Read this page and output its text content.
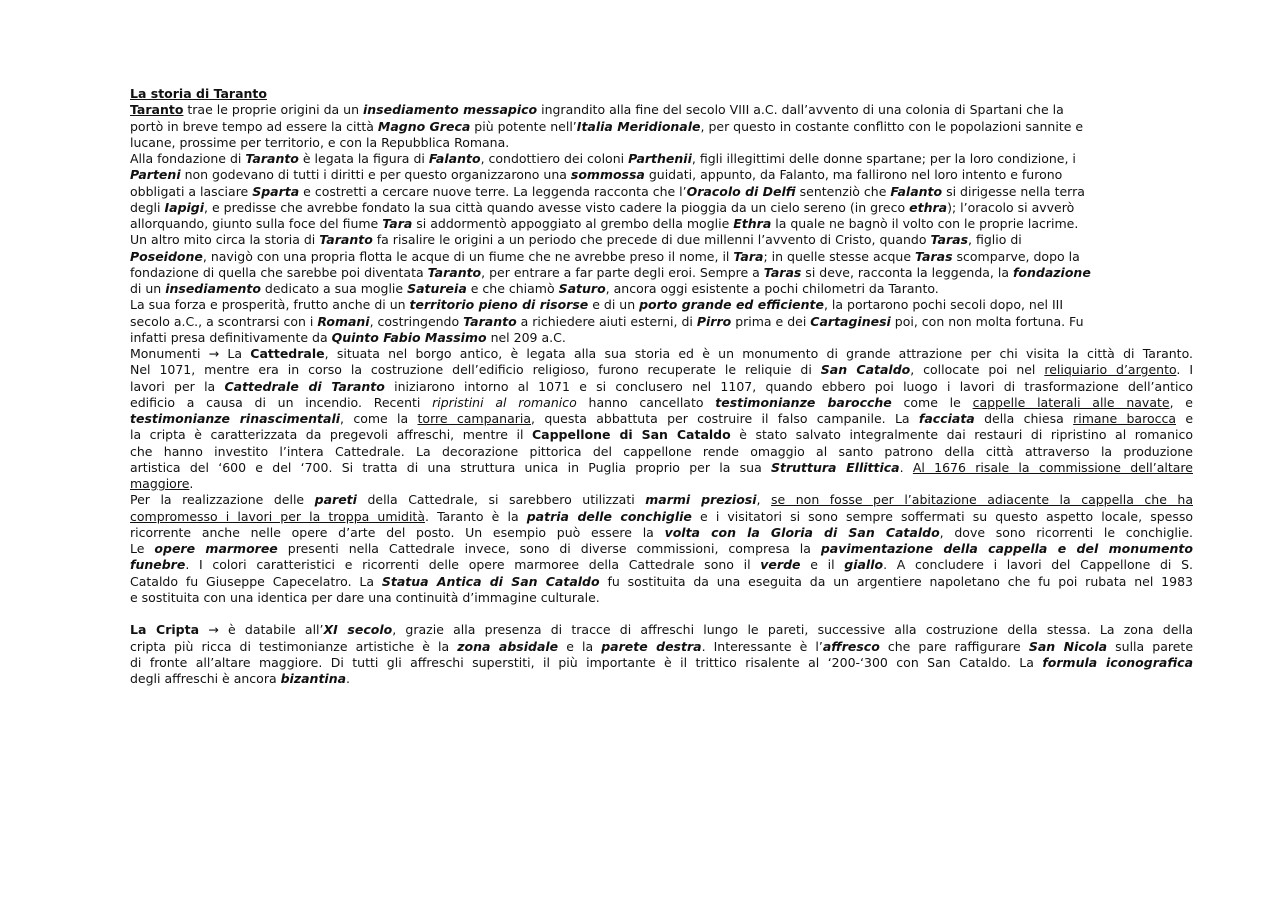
La storia di Taranto
Taranto trae le proprie origini da un insediamento messapico ingrandito alla fine del secolo VIII a.C. dall’avvento di una colonia di Spartani che la
portò in breve tempo ad essere la città Magno Greca più potente nell’Italia Meridionale, per questo in costante conflitto con le popolazioni sannite e
lucane, prossime per territorio, e con la Repubblica Romana.
Alla fondazione di Taranto è legata la figura di Falanto, condottiero dei coloni Parthenii, figli illegittimi delle donne spartane; per la loro condizione, i
Parteni non godevano di tutti i diritti e per questo organizzarono una sommossa guidati, appunto, da Falanto, ma fallirono nel loro intento e furono
obbligati a lasciare Sparta e costretti a cercare nuove terre. La leggenda racconta che l’Oracolo di Delfi sentenziò che Falanto si dirigesse nella terra
degli Iapigi, e predisse che avrebbe fondato la sua città quando avesse visto cadere la pioggia da un cielo sereno (in greco ethra); l’oracolo si avverò
allorquando, giunto sulla foce del fiume Tara si addormentò appoggiato al grembo della moglie Ethra la quale ne bagnò il volto con le proprie lacrime.
Un altro mito circa la storia di Taranto fa risalire le origini a un periodo che precede di due millenni l’avvento di Cristo, quando Taras, figlio di
Poseidone, navigò con una propria flotta le acque di un fiume che ne avrebbe preso il nome, il Tara; in quelle stesse acque Taras scomparve, dopo la
fondazione di quella che sarebbe poi diventata Taranto, per entrare a far parte degli eroi. Sempre a Taras si deve, racconta la leggenda, la fondazione
di un insediamento dedicato a sua moglie Satureia e che chiamò Saturo, ancora oggi esistente a pochi chilometri da Taranto.
La sua forza e prosperità, frutto anche di un territorio pieno di risorse e di un porto grande ed efficiente, la portarono pochi secoli dopo, nel III
secolo a.C., a scontrarsi con i Romani, costringendo Taranto a richiedere aiuti esterni, di Pirro prima e dei Cartaginesi poi, con non molta fortuna. Fu
infatti presa definitivamente da Quinto Fabio Massimo nel 209 a.C.
Monumenti → La Cattedrale, situata nel borgo antico, è legata alla sua storia ed è un monumento di grande attrazione per chi visita la città di Taranto.
Nel 1071, mentre era in corso la costruzione dell’edificio religioso, furono recuperate le reliquie di San Cataldo, collocate poi nel reliquiario d’argento. I
lavori per la Cattedrale di Taranto iniziarono intorno al 1071 e si conclusero nel 1107, quando ebbero poi luogo i lavori di trasformazione dell’antico
edificio a causa di un incendio. Recenti ripristini al romanico hanno cancellato testimonianze barocche come le cappelle laterali alle navate, e
testimonianze rinascimentali, come la torre campanaria, questa abbattuta per costruire il falso campanile. La facciata della chiesa rimane barocca e
la cripta è caratterizzata da pregevoli affreschi, mentre il Cappellone di San Cataldo è stato salvato integralmente dai restauri di ripristino al romanico
che hanno investito l’intera Cattedrale. La decorazione pittorica del cappellone rende omaggio al santo patrono della città attraverso la produzione
artistica del ‘600 e del ‘700. Si tratta di una struttura unica in Puglia proprio per la sua Struttura Ellittica. Al 1676 risale la commissione dell’altare
maggiore.
Per la realizzazione delle pareti della Cattedrale, si sarebbero utilizzati marmi preziosi, se non fosse per l’abitazione adiacente la cappella che ha
compromesso i lavori per la troppa umidità. Taranto è la patria delle conchiglie e i visitatori si sono sempre soffermati su questo aspetto locale, spesso
ricorrente anche nelle opere d’arte del posto. Un esempio può essere la volta con la Gloria di San Cataldo, dove sono ricorrenti le conchiglie.
Le opere marmoree presenti nella Cattedrale invece, sono di diverse commissioni, compresa la pavimentazione della cappella e del monumento
funebre. I colori caratteristici e ricorrenti delle opere marmoree della Cattedrale sono il verde e il giallo. A concludere i lavori del Cappellone di S.
Cataldo fu Giuseppe Capecelatro. La Statua Antica di San Cataldo fu sostituita da una eseguita da un argentiere napoletano che fu poi rubata nel 1983
e sostituita con una identica per dare una continuità d’immagine culturale.
La Cripta → è databile all’XI secolo, grazie alla presenza di tracce di affreschi lungo le pareti, successive alla costruzione della stessa. La zona della
cripta più ricca di testimonianze artistiche è la zona absidale e la parete destra. Interessante è l’affresco che pare raffigurare San Nicola sulla parete
di fronte all’altare maggiore. Di tutti gli affreschi superstiti, il più importante è il trittico risalente al ‘200-‘300 con San Cataldo. La formula iconografica
degli affreschi è ancora bizantina.
